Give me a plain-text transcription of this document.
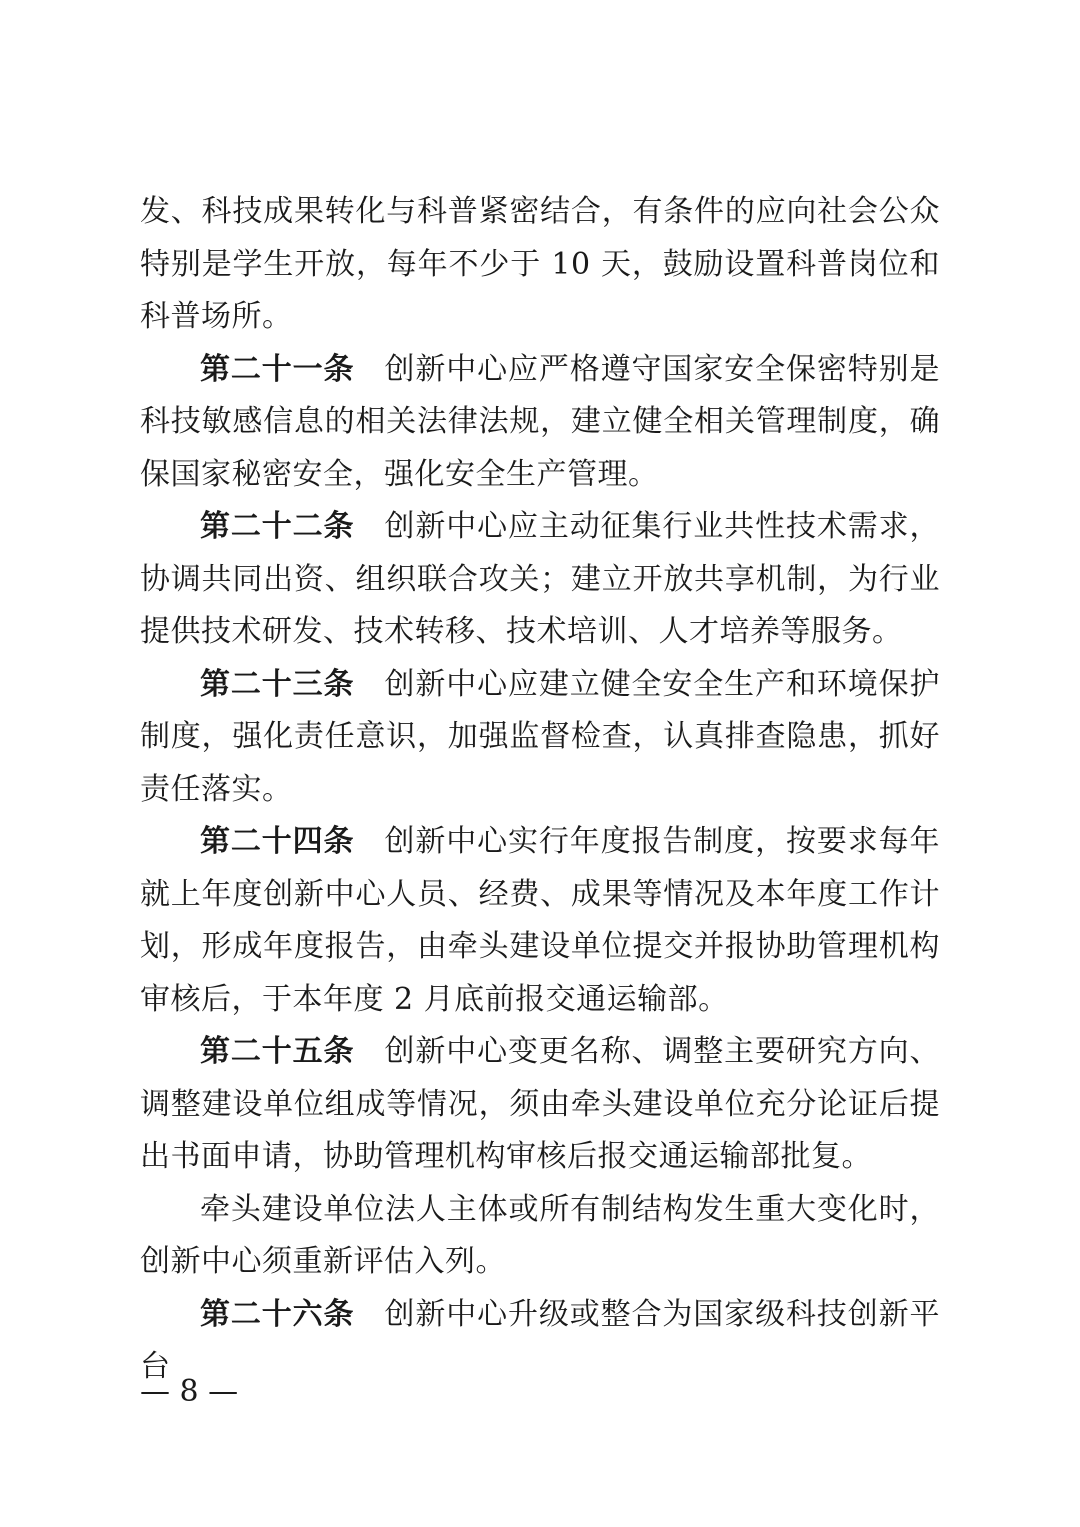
发、科技成果转化与科普紧密结合，有条件的应向社会公众特别是学生开放，每年不少于 10 天，鼓励设置科普岗位和科普场所。

第二十一条 创新中心应严格遵守国家安全保密特别是科技敏感信息的相关法律法规，建立健全相关管理制度，确保国家秘密安全，强化安全生产管理。

第二十二条 创新中心应主动征集行业共性技术需求，协调共同出资、组织联合攻关；建立开放共享机制，为行业提供技术研发、技术转移、技术培训、人才培养等服务。

第二十三条 创新中心应建立健全安全生产和环境保护制度，强化责任意识，加强监督检查，认真排查隐患，抓好责任落实。

第二十四条 创新中心实行年度报告制度，按要求每年就上年度创新中心人员、经费、成果等情况及本年度工作计划，形成年度报告，由牵头建设单位提交并报协助管理机构审核后，于本年度 2 月底前报交通运输部。

第二十五条 创新中心变更名称、调整主要研究方向、调整建设单位组成等情况，须由牵头建设单位充分论证后提出书面申请，协助管理机构审核后报交通运输部批复。

牵头建设单位法人主体或所有制结构发生重大变化时，创新中心须重新评估入列。

第二十六条 创新中心升级或整合为国家级科技创新平台

— 8 —
